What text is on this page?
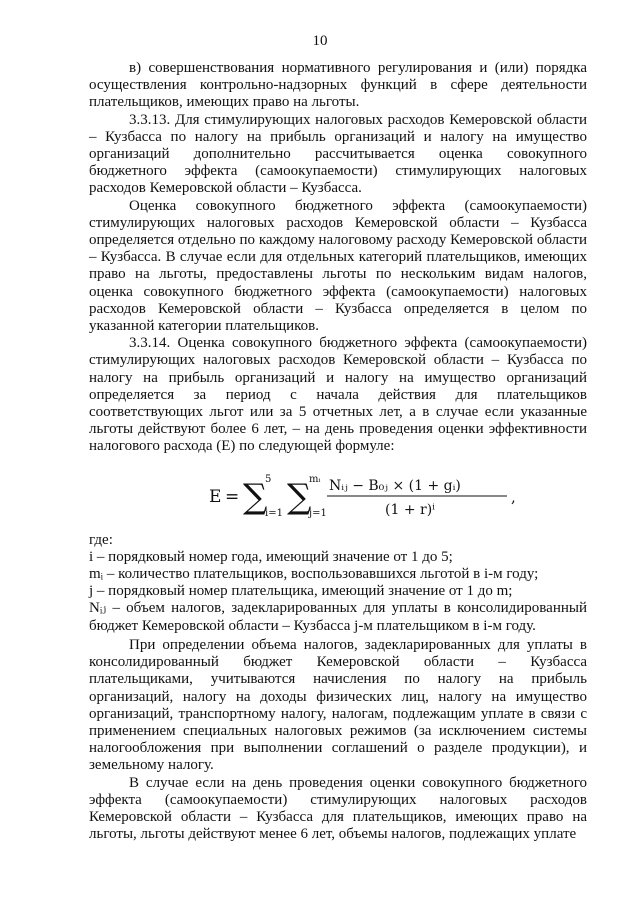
10

в) совершенствования нормативного регулирования и (или) порядка осуществления контрольно-надзорных функций в сфере деятельности плательщиков, имеющих право на льготы.

3.3.13. Для стимулирующих налоговых расходов Кемеровской области – Кузбасса по налогу на прибыль организаций и налогу на имущество организаций дополнительно рассчитывается оценка совокупного бюджетного эффекта (самоокупаемости) стимулирующих налоговых расходов Кемеровской области – Кузбасса.

Оценка совокупного бюджетного эффекта (самоокупаемости) стимулирующих налоговых расходов Кемеровской области – Кузбасса определяется отдельно по каждому налоговому расходу Кемеровской области – Кузбасса. В случае если для отдельных категорий плательщиков, имеющих право на льготы, предоставлены льготы по нескольким видам налогов, оценка совокупного бюджетного эффекта (самоокупаемости) налоговых расходов Кемеровской области – Кузбасса определяется в целом по указанной категории плательщиков.

3.3.14. Оценка совокупного бюджетного эффекта (самоокупаемости) стимулирующих налоговых расходов Кемеровской области – Кузбасса по налогу на прибыль организаций и налогу на имущество организаций определяется за период с начала действия для плательщиков соответствующих льгот или за 5 отчетных лет, а в случае если указанные льготы действуют более 6 лет, – на день проведения оценки эффективности налогового расхода (E) по следующей формуле:

E = ∑
5
i=1 ∑
mᵢ
j=1
Nᵢⱼ − B₀ⱼ × (1 + gᵢ)
(1 + r)ⁱ
,

где:

i – порядковый номер года, имеющий значение от 1 до 5;

mᵢ – количество плательщиков, воспользовавшихся льготой в i-м году;

j – порядковый номер плательщика, имеющий значение от 1 до m;

Nᵢⱼ – объем налогов, задекларированных для уплаты в консолидированный бюджет Кемеровской области – Кузбасса j-м плательщиком в i-м году.

При определении объема налогов, задекларированных для уплаты в консолидированный бюджет Кемеровской области – Кузбасса плательщиками, учитываются начисления по налогу на прибыль организаций, налогу на доходы физических лиц, налогу на имущество организаций, транспортному налогу, налогам, подлежащим уплате в связи с применением специальных налоговых режимов (за исключением системы налогообложения при выполнении соглашений о разделе продукции), и земельному налогу.

В случае если на день проведения оценки совокупного бюджетного эффекта (самоокупаемости) стимулирующих налоговых расходов Кемеровской области – Кузбасса для плательщиков, имеющих право на льготы, льготы действуют менее 6 лет, объемы налогов, подлежащих уплате
